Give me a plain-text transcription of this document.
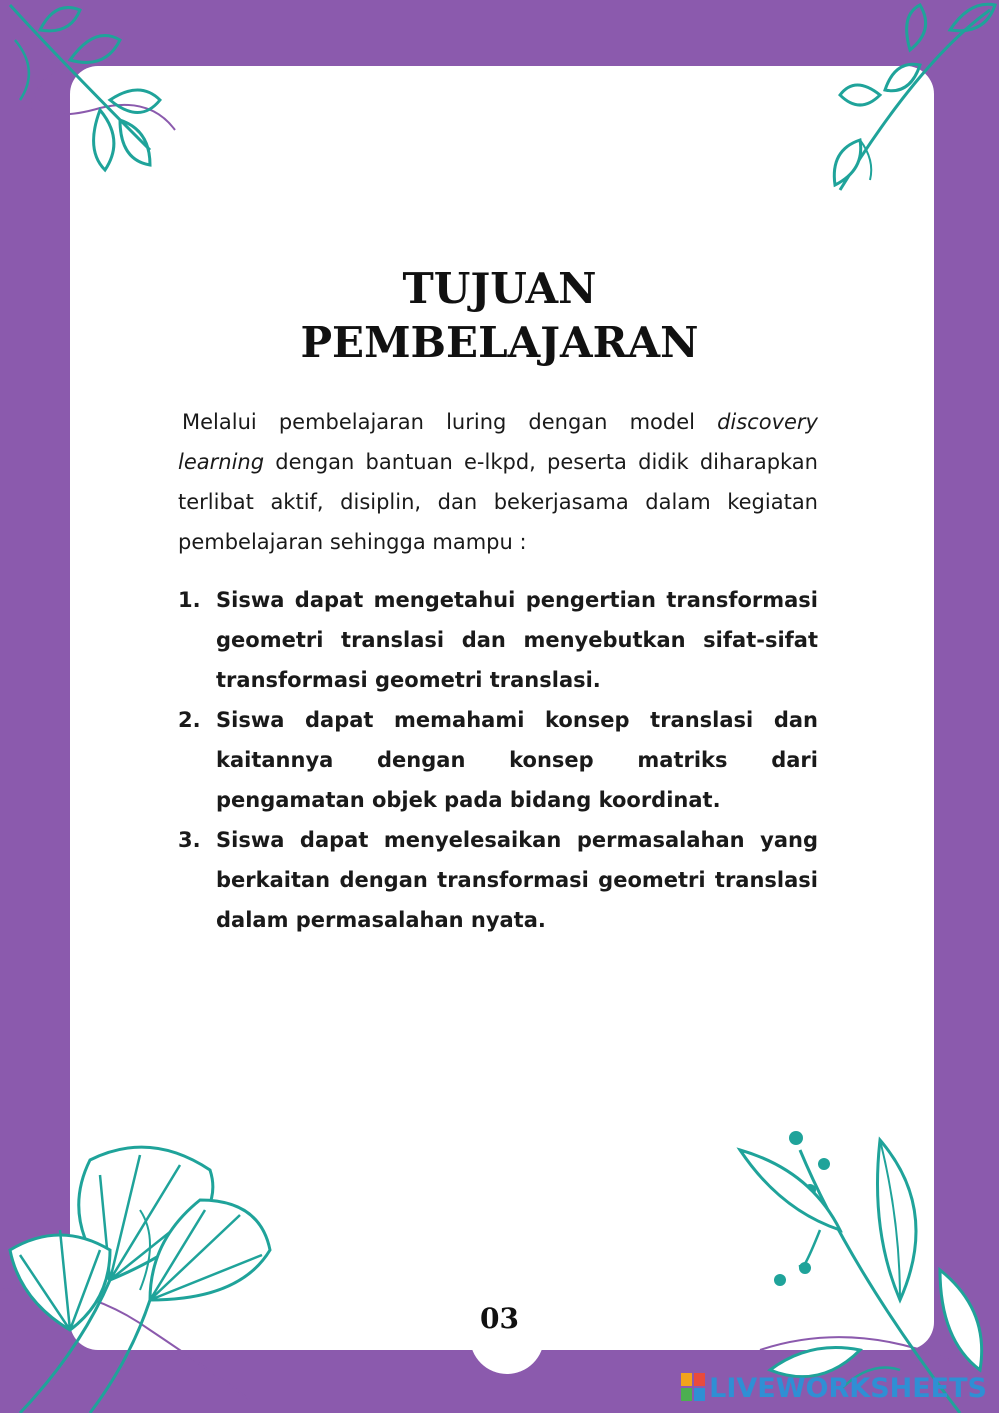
TUJUAN
PEMBELAJARAN
Melalui pembelajaran luring dengan model discovery learning dengan bantuan e-lkpd, peserta didik diharapkan terlibat aktif, disiplin, dan bekerjasama dalam kegiatan pembelajaran sehingga mampu :
1. Siswa dapat mengetahui pengertian transformasi geometri translasi dan menyebutkan sifat-sifat transformasi geometri translasi.
2. Siswa dapat memahami konsep translasi dan kaitannya dengan konsep matriks dari pengamatan objek pada bidang koordinat.
3. Siswa dapat menyelesaikan permasalahan yang berkaitan dengan transformasi geometri translasi dalam permasalahan nyata.
03
LIVEWORKSHEETS
